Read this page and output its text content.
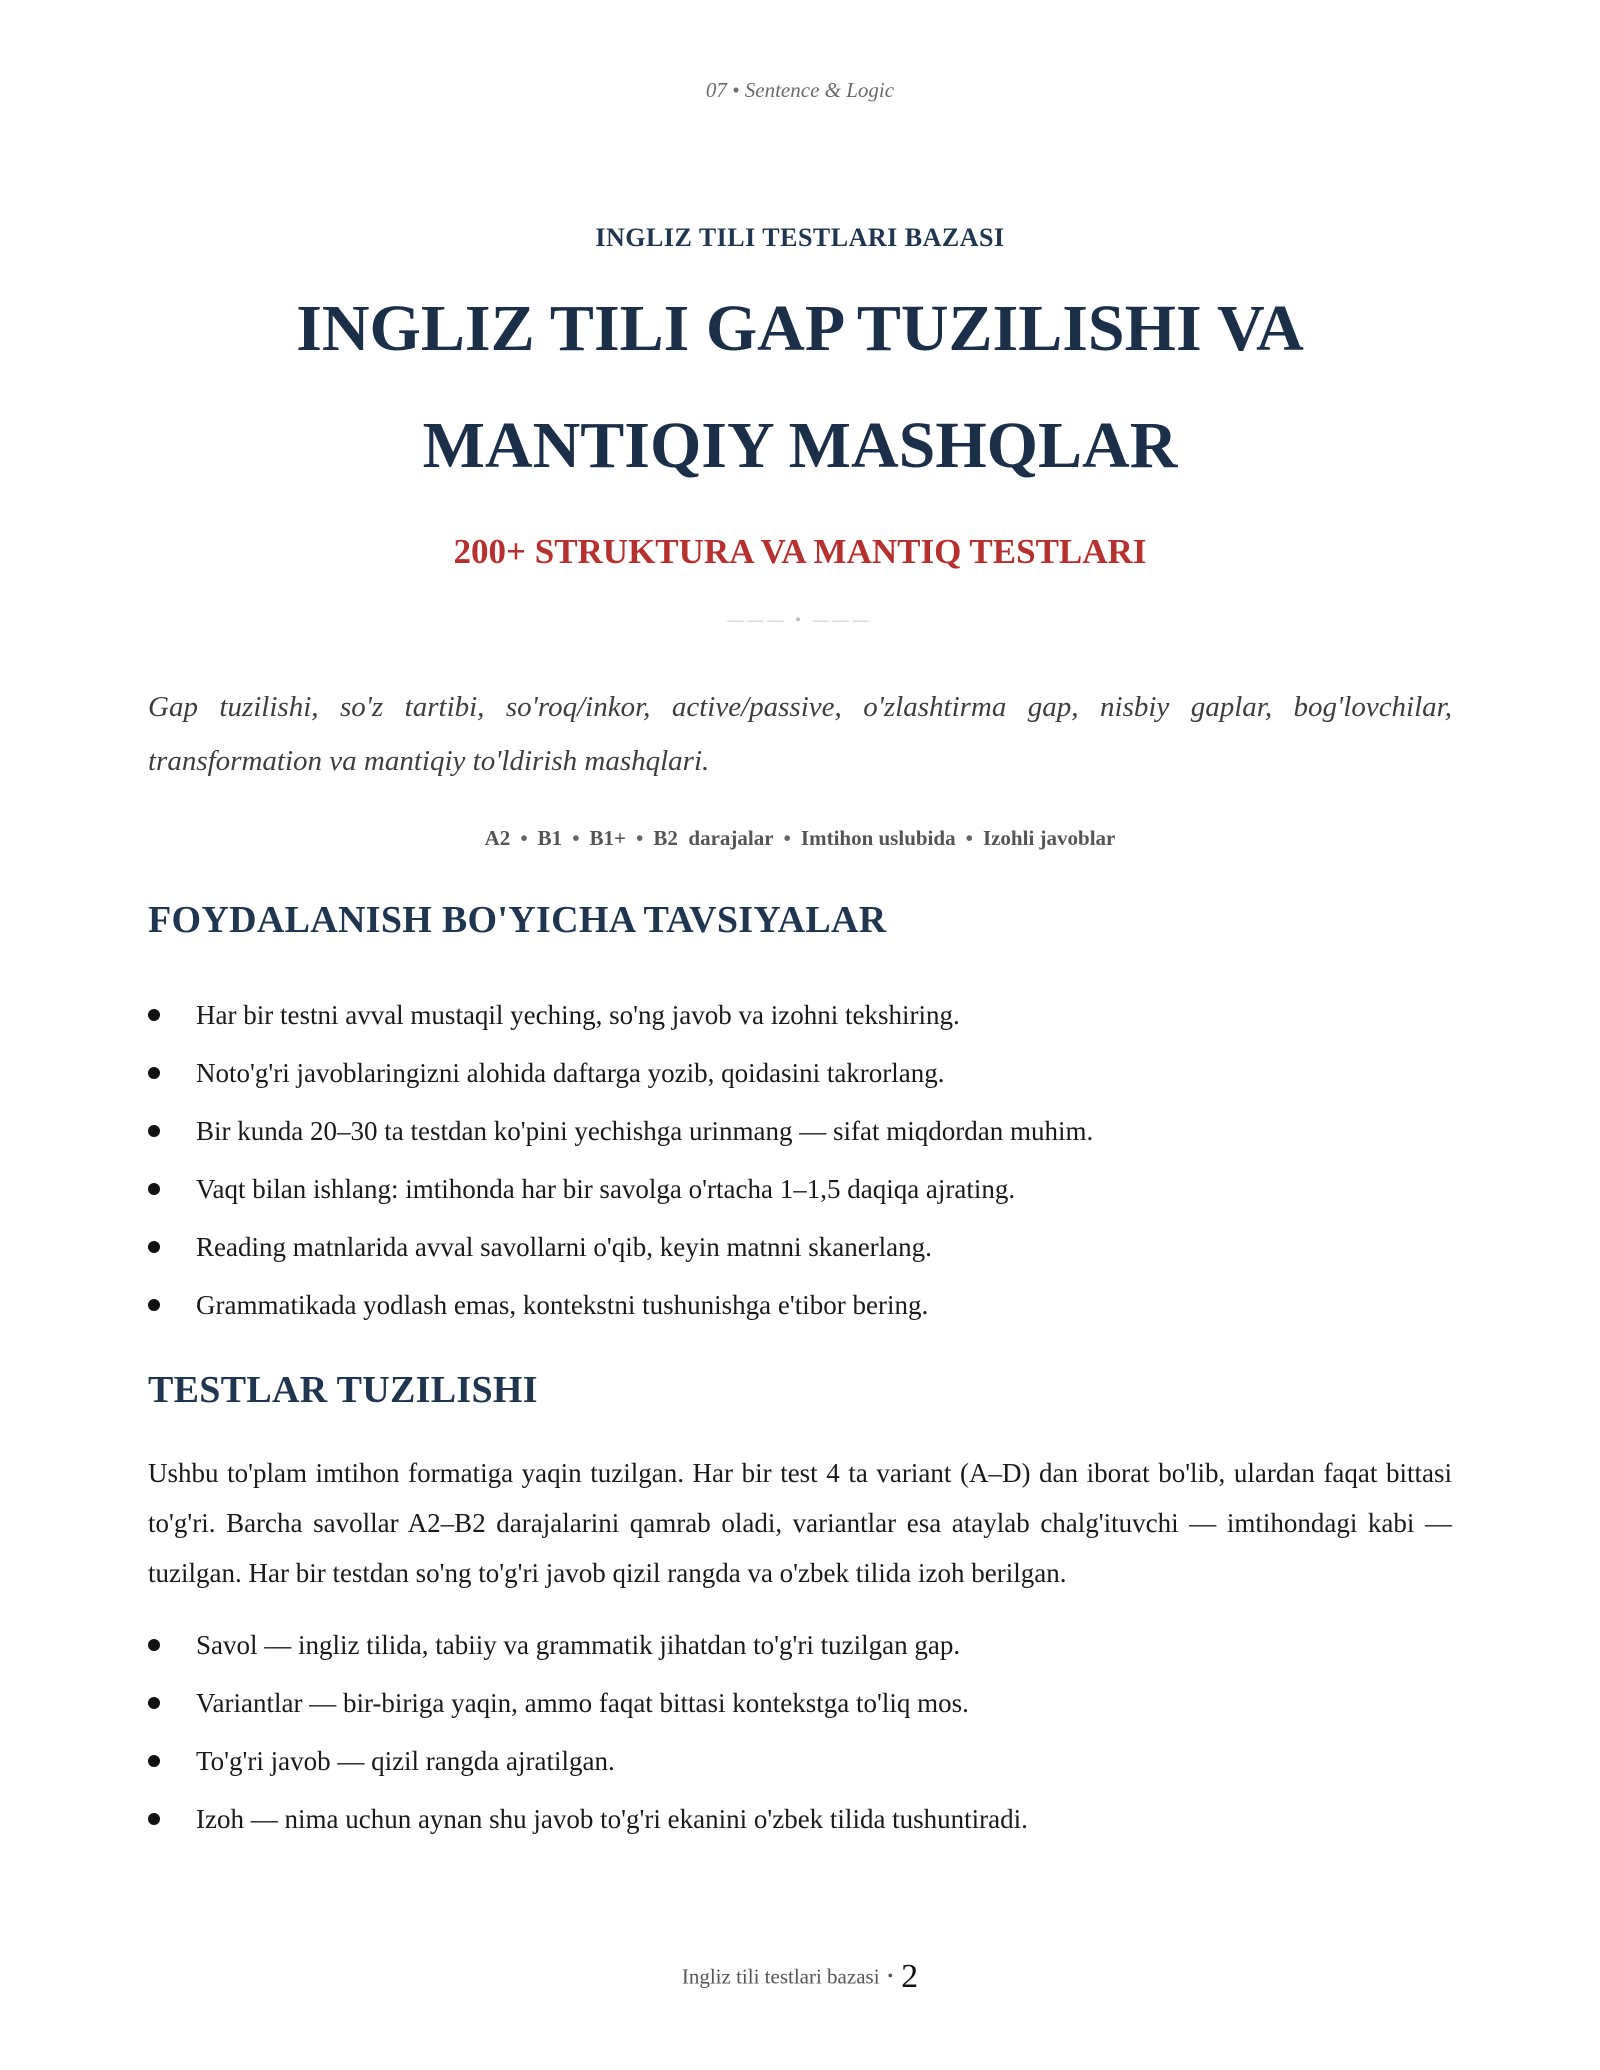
07 • Sentence & Logic
INGLIZ TILI TESTLARI BAZASI
INGLIZ TILI GAP TUZILISHI VA
MANTIQIY MASHQLAR
200+ STRUKTURA VA MANTIQ TESTLARI
——— • ———

Gap tuzilishi, so'z tartibi, so'roq/inkor, active/passive, o'zlashtirma gap, nisbiy gaplar, bog'lovchilar, transformation va mantiqiy to'ldirish mashqlari.

A2 • B1 • B1+ • B2  darajalar • Imtihon uslubida • Izohli javoblar
FOYDALANISH BO'YICHA TAVSIYALAR
Har bir testni avval mustaqil yeching, so'ng javob va izohni tekshiring.
Noto'g'ri javoblaringizni alohida daftarga yozib, qoidasini takrorlang.
Bir kunda 20–30 ta testdan ko'pini yechishga urinmang — sifat miqdordan muhim.
Vaqt bilan ishlang: imtihonda har bir savolga o'rtacha 1–1,5 daqiqa ajrating.
Reading matnlarida avval savollarni o'qib, keyin matnni skanerlang.
Grammatikada yodlash emas, kontekstni tushunishga e'tibor bering.
TESTLAR TUZILISHI

Ushbu to'plam imtihon formatiga yaqin tuzilgan. Har bir test 4 ta variant (A–D) dan iborat bo'lib, ulardan faqat bittasi to'g'ri. Barcha savollar A2–B2 darajalarini qamrab oladi, variantlar esa ataylab chalg'ituvchi — imtihondagi kabi — tuzilgan. Har bir testdan so'ng to'g'ri javob qizil rangda va o'zbek tilida izoh berilgan.

Savol — ingliz tilida, tabiiy va grammatik jihatdan to'g'ri tuzilgan gap.
Variantlar — bir-biriga yaqin, ammo faqat bittasi kontekstga to'liq mos.
To'g'ri javob — qizil rangda ajratilgan.
Izoh — nima uchun aynan shu javob to'g'ri ekanini o'zbek tilida tushuntiradi.
Ingliz tili testlari bazasi • 2
